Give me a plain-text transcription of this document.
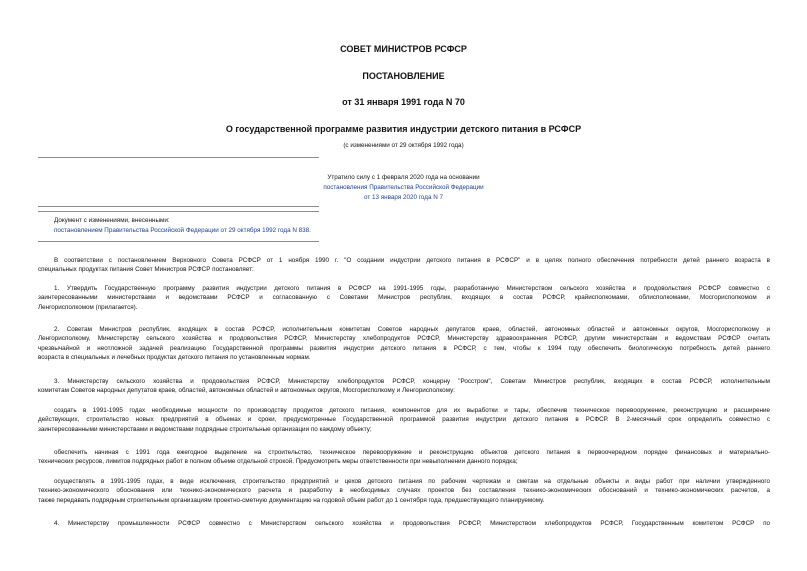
СОВЕТ МИНИСТРОВ РСФСР
ПОСТАНОВЛЕНИЕ
от 31 января 1991 года N 70
О государственной программе развития индустрии детского питания в РСФСР
(с изменениями от 29 октября 1992 года)
Утратило силу с 1 февраля 2020 года на основании
постановления Правительства Российской Федерации
от 13 января 2020 года N 7
Документ с изменениями, внесенными:
постановлением Правительства Российской Федерации от 29 октября 1992 года N 838.
В соответствии с постановлением Верховного Совета РСФСР от 1 ноября 1990 г. "О создании индустрии детского питания в РСФСР" и в целях полного обеспечения потребности детей раннего возраста в
специальных продуктах питания Совет Министров РСФСР постановляет:
1. Утвердить Государственную программу развития индустрии детского питания в РСФСР на 1991-1995 годы, разработанную Министерством сельского хозяйства и продовольствия РСФСР совместно с
заинтересованными министерствами и ведомствами РСФСР и согласованную с Советами Министров республик, входящих в состав РСФСР, крайисполкомами, облисполкомами, Мосгорисполкомом и
Ленгорисполкомом (прилагается).
2. Советам Министров республик, входящих в состав РСФСР, исполнительным комитетам Советов народных депутатов краев, областей, автономных областей и автономных округов, Мосгорисполкому и
Ленгорисполкому, Министерству сельского хозяйства и продовольствия РСФСР, Министерству хлебопродуктов РСФСР, Министерству здравоохранения РСФСР, другим министерствам и ведомствам РСФСР считать
чрезвычайной и неотложной задачей реализацию Государственной программы развития индустрии детского питания в РСФСР, с тем, чтобы к 1994 году обеспечить биологическую потребность детей раннего
возраста в специальных и лечебных продуктах детского питания по установленным нормам.
3. Министерству сельского хозяйства и продовольствия РСФСР, Министерству хлебопродуктов РСФСР, концерну "Росстром", Советам Министров республик, входящих в состав РСФСР, исполнительным
комитетам Советов народных депутатов краев, областей, автономных областей и автономных округов, Мосгорисполкому и Ленгорисполкому:
создать в 1991-1995 годах необходимые мощности по производству продуктов детского питания, компонентов для их выработки и тары, обеспечив техническое перевооружение, реконструкцию и расширение
действующих, строительство новых предприятий в объемах и сроки, предусмотренные Государственной программой развития индустрии детского питания в РСФСР. В 2-месячный срок определить совместно с
заинтересованными министерствами и ведомствами подрядные строительные организации по каждому объекту;
обеспечить начиная с 1991 года ежегодное выделение на строительство, техническое перевооружение и реконструкцию объектов детского питания в первоочередном порядке финансовых и материально-
технических ресурсов, лимитов подрядных работ в полном объеме отдельной строкой. Предусмотреть меры ответственности при невыполнении данного порядка;
осуществлять в 1991-1995 годах, в виде исключения, строительство предприятий и цехов детского питания по рабочим чертежам и сметам на отдельные объекты и виды работ при наличии утвержденного
технико-экономического обоснования или технико-экономического расчета и разработку в необходимых случаях проектов без составления технико-экономических обоснований и технико-экономических расчетов, а
также передавать подрядным строительным организациям проектно-сметную документацию на годовой объем работ до 1 сентября года, предшествующего планируемому.
4. Министерству промышленности РСФСР совместно с Министерством сельского хозяйства и продовольствия РСФСР, Министерством хлебопродуктов РСФСР, Государственным комитетом РСФСР по
